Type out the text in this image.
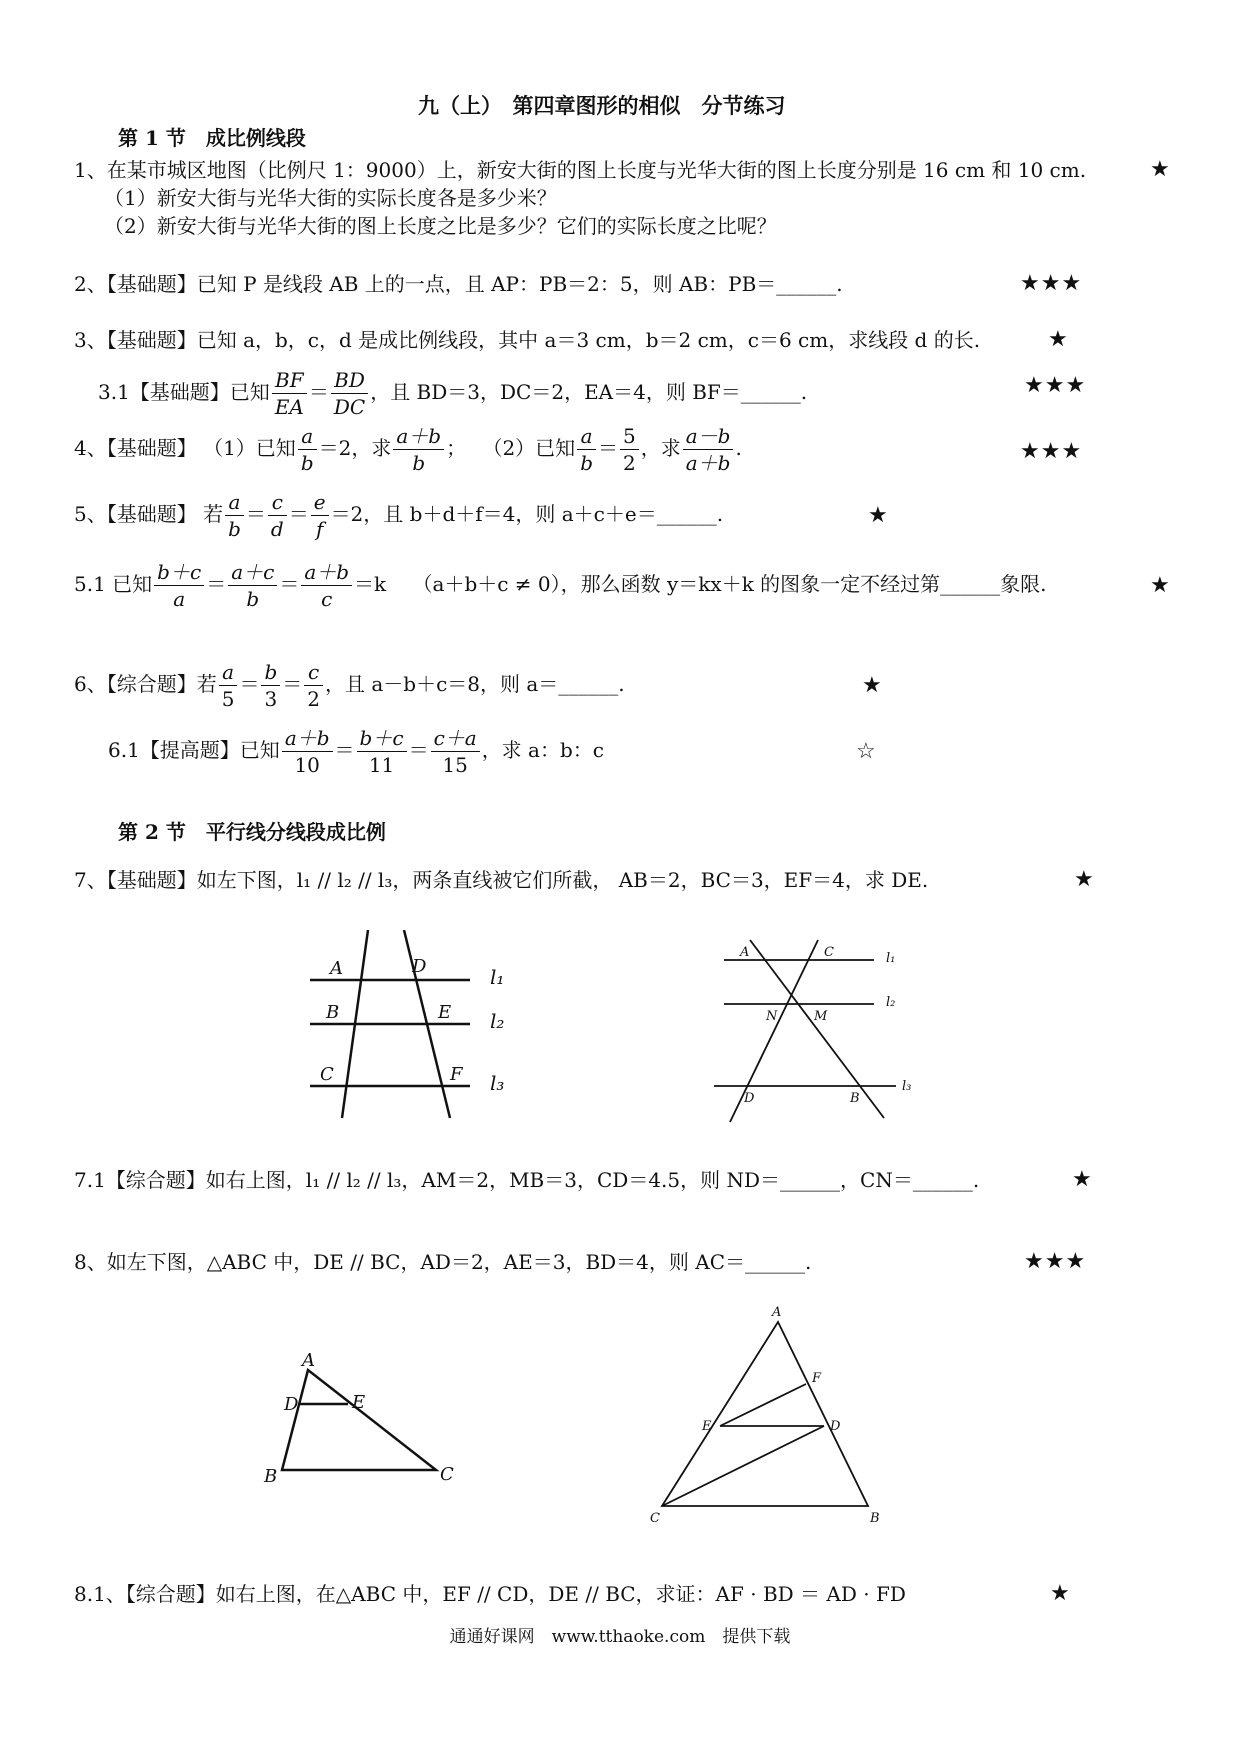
九（上）　第四章图形的相似　分节练习
第 1 节　成比例线段
1、在某市城区地图（比例尺 1：9000）上，新安大街的图上长度与光华大街的图上长度分别是 16 cm 和 10 cm.	★
（1）新安大街与光华大街的实际长度各是多少米？
（2）新安大街与光华大街的图上长度之比是多少？它们的实际长度之比呢？
2、【基础题】已知 P 是线段 AB 上的一点，且 AP：PB＝2：5，则 AB：PB＝______.	★★★
3、【基础题】已知 a，b，c，d 是成比例线段，其中 a＝3 cm，b＝2 cm，c＝6 cm，求线段 d 的长.	★
3.1【基础题】已知 $\frac{BF}{EA} = \frac{BD}{DC}$ ，且 BD＝3，DC＝2，EA＝4，则 BF＝______.	★★★
4、【基础题】 （1）已知 $\frac{a}{b} =2$，求 $\frac{a+b}{b}$ ；　 （2）已知 $\frac{a}{b} = \frac{5}{2}$ ，求 $\frac{a-b}{a+b}$ .	★★★
5、【基础题】 若 $\frac{a}{b} = \frac{c}{d} = \frac{e}{f} =2$，且 b＋d＋f＝4，则 a＋c＋e＝______.	★
5.1 已知 $\frac{b+c}{a} = \frac{a+c}{b} = \frac{a+b}{c} =k$　 （a＋b＋c ≠ 0），那么函数 y＝kx＋k 的图象一定不经过第______象限.	★
6、【综合题】若 $\frac{a}{5} = \frac{b}{3} = \frac{c}{2}$ ，且 a－b＋c＝8，则 a＝______.	★
6.1【提高题】已知 $\frac{a+b}{10} = \frac{b+c}{11} = \frac{c+a}{15}$ ，求 a：b：c	☆
第 2 节　平行线分线段成比例
7、【基础题】如左下图，l₁ // l₂ // l₃，两条直线被它们所截， AB＝2，BC＝3，EF＝4，求 DE.	★
A	D
B	E
C	F
l₁
l₂
l₃
A	C	l₁
N	M
l₂
D	B
l₃
7.1【综合题】如右上图，l₁ // l₂ // l₃，AM＝2，MB＝3，CD＝4.5，则 ND＝______，CN＝______.	★
8、如左下图，△ABC 中，DE // BC，AD＝2，AE＝3，BD＝4，则 AC＝______.	★★★
A
D	E
B	C
A
F
E	D
C	B
8.1、【综合题】如右上图，在△ABC 中，EF // CD，DE // BC，求证：AF · BD ＝ AD · FD	★
通通好课网　www.tthaoke.com　提供下载
